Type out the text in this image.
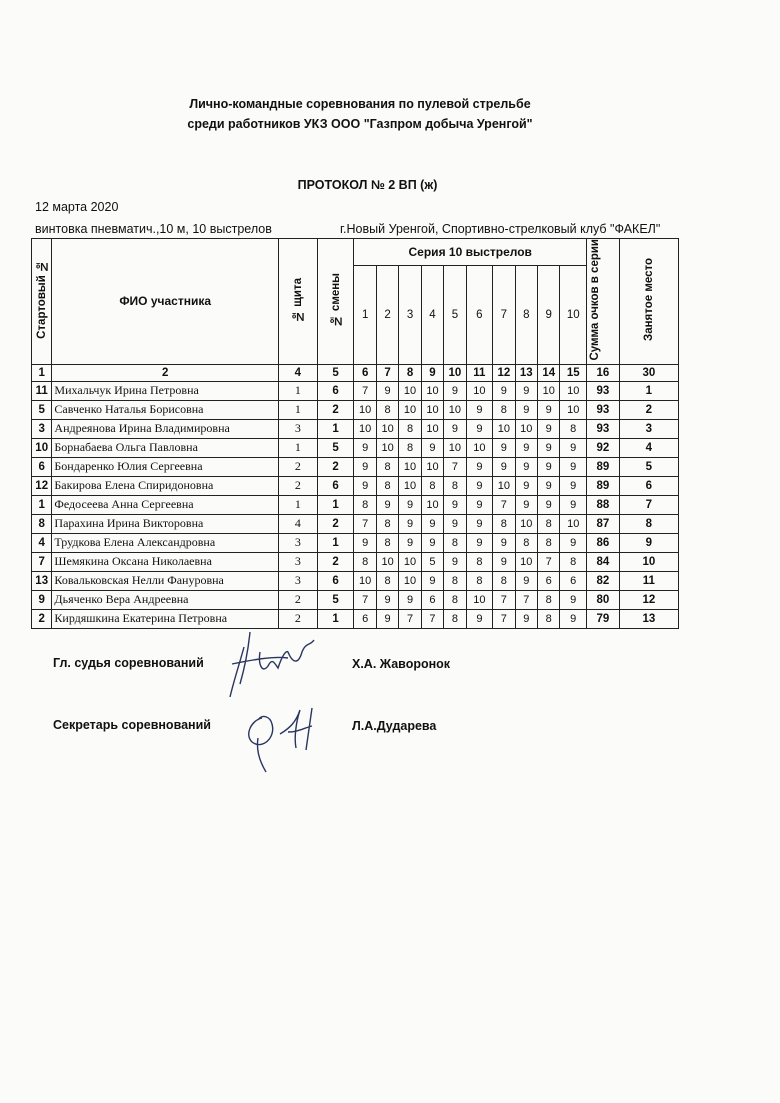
Лично-командные соревнования по пулевой стрельбе
среди работников УКЗ ООО "Газпром добыча Уренгой"
ПРОТОКОЛ № 2 ВП (ж)
12 марта 2020
винтовка пневматич.,10 м, 10 выстрелов	г.Новый Уренгой, Спортивно-стрелковый клуб "ФАКЕЛ"
Стартовый №	ФИО участника	№ щита	№ смены	Серия 10 выстрелов										Сумма очков в серии	Занятое место
				1	2	3	4	5	6	7	8	9	10		
1	2	4	5	6	7	8	9	10	11	12	13	14	15	16	30
11	Михальчук Ирина Петровна	1	6	7	9	10	10	9	10	9	9	10	10	93	1
5	Савченко Наталья Борисовна	1	2	10	8	10	10	10	9	8	9	9	10	93	2
3	Андреянова Ирина Владимировна	3	1	10	10	8	10	9	9	10	10	9	8	93	3
10	Борнабаева Ольга Павловна	1	5	9	10	8	9	10	10	9	9	9	9	92	4
6	Бондаренко Юлия Сергеевна	2	2	9	8	10	10	7	9	9	9	9	9	89	5
12	Бакирова Елена Спиридоновна	2	6	9	8	10	8	8	9	10	9	9	9	89	6
1	Федосеева Анна Сергеевна	1	1	8	9	9	10	9	9	7	9	9	9	88	7
8	Парахина Ирина Викторовна	4	2	7	8	9	9	9	9	8	10	8	10	87	8
4	Трудкова Елена Александровна	3	1	9	8	9	9	8	9	9	8	8	9	86	9
7	Шемякина Оксана Николаевна	3	2	8	10	10	5	9	8	9	10	7	8	84	10
13	Ковальковская Нелли Фануровна	3	6	10	8	10	9	8	8	8	9	6	6	82	11
9	Дьяченко Вера Андреевна	2	5	7	9	9	6	8	10	7	7	8	9	80	12
2	Кирдяшкина Екатерина Петровна	2	1	6	9	7	7	8	9	7	9	8	9	79	13
Гл. судья соревнований	Х.А. Жаворонок
Секретарь соревнований	Л.А.Дударева
